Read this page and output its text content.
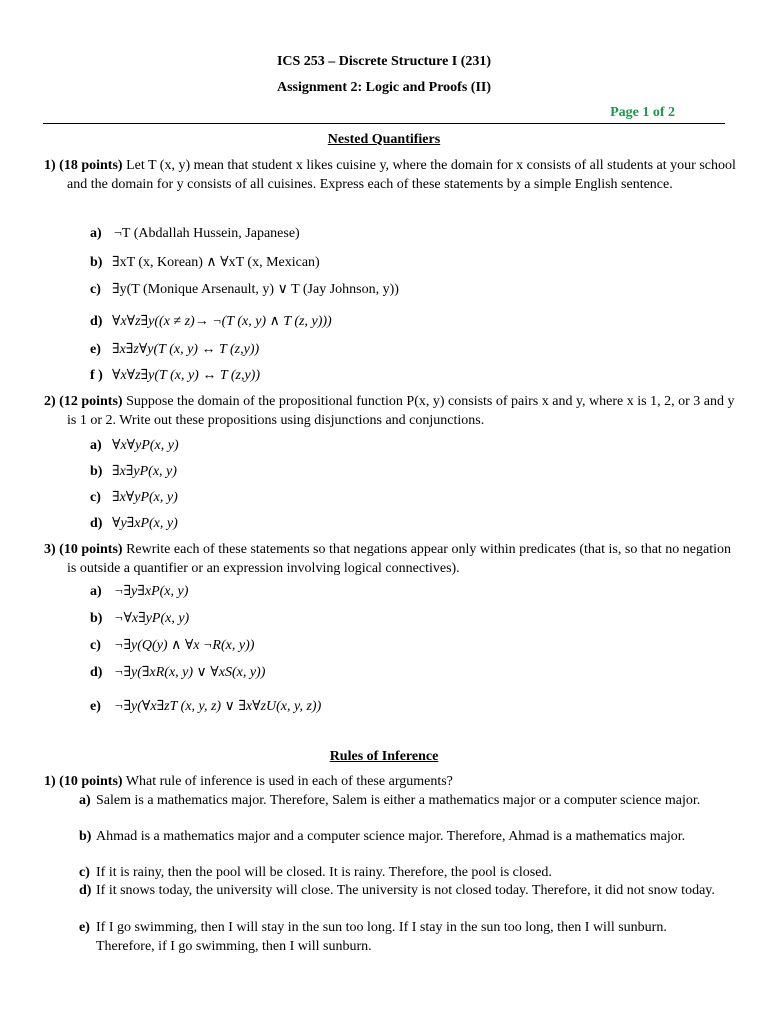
ICS 253 – Discrete Structure I (231)
Assignment 2: Logic and Proofs (II)
Page 1 of 2
Nested Quantifiers
1) (18 points) Let T (x, y) mean that student x likes cuisine y, where the domain for x consists of all students at your school and the domain for y consists of all cuisines. Express each of these statements by a simple English sentence.
a) ¬T (Abdallah Hussein, Japanese)
b) ∃xT (x, Korean) ∧ ∀xT (x, Mexican)
c) ∃y(T (Monique Arsenault, y) ∨ T (Jay Johnson, y))
d) ∀x∀z∃y((x ≠ z)→ ¬(T (x, y) ∧ T (z, y)))
e) ∃x∃z∀y(T (x, y) ↔ T (z,y))
f ) ∀x∀z∃y(T (x, y) ↔ T (z,y))
2) (12 points) Suppose the domain of the propositional function P(x, y) consists of pairs x and y, where x is 1, 2, or 3 and y is 1 or 2. Write out these propositions using disjunctions and conjunctions.
a) ∀x∀yP(x, y)
b) ∃x∃yP(x, y)
c) ∃x∀yP(x, y)
d) ∀y∃xP(x, y)
3) (10 points) Rewrite each of these statements so that negations appear only within predicates (that is, so that no negation is outside a quantifier or an expression involving logical connectives).
a) ¬∃y∃xP(x, y)
b) ¬∀x∃yP(x, y)
c) ¬∃y(Q(y) ∧ ∀x ¬R(x, y))
d) ¬∃y(∃xR(x, y) ∨ ∀xS(x, y))
e) ¬∃y(∀x∃zT (x, y, z) ∨ ∃x∀zU(x, y, z))
Rules of Inference
1) (10 points) What rule of inference is used in each of these arguments?
a) Salem is a mathematics major. Therefore, Salem is either a mathematics major or a computer science major.
b) Ahmad is a mathematics major and a computer science major. Therefore, Ahmad is a mathematics major.
c) If it is rainy, then the pool will be closed. It is rainy. Therefore, the pool is closed.
d) If it snows today, the university will close. The university is not closed today. Therefore, it did not snow today.
e) If I go swimming, then I will stay in the sun too long. If I stay in the sun too long, then I will sunburn. Therefore, if I go swimming, then I will sunburn.
